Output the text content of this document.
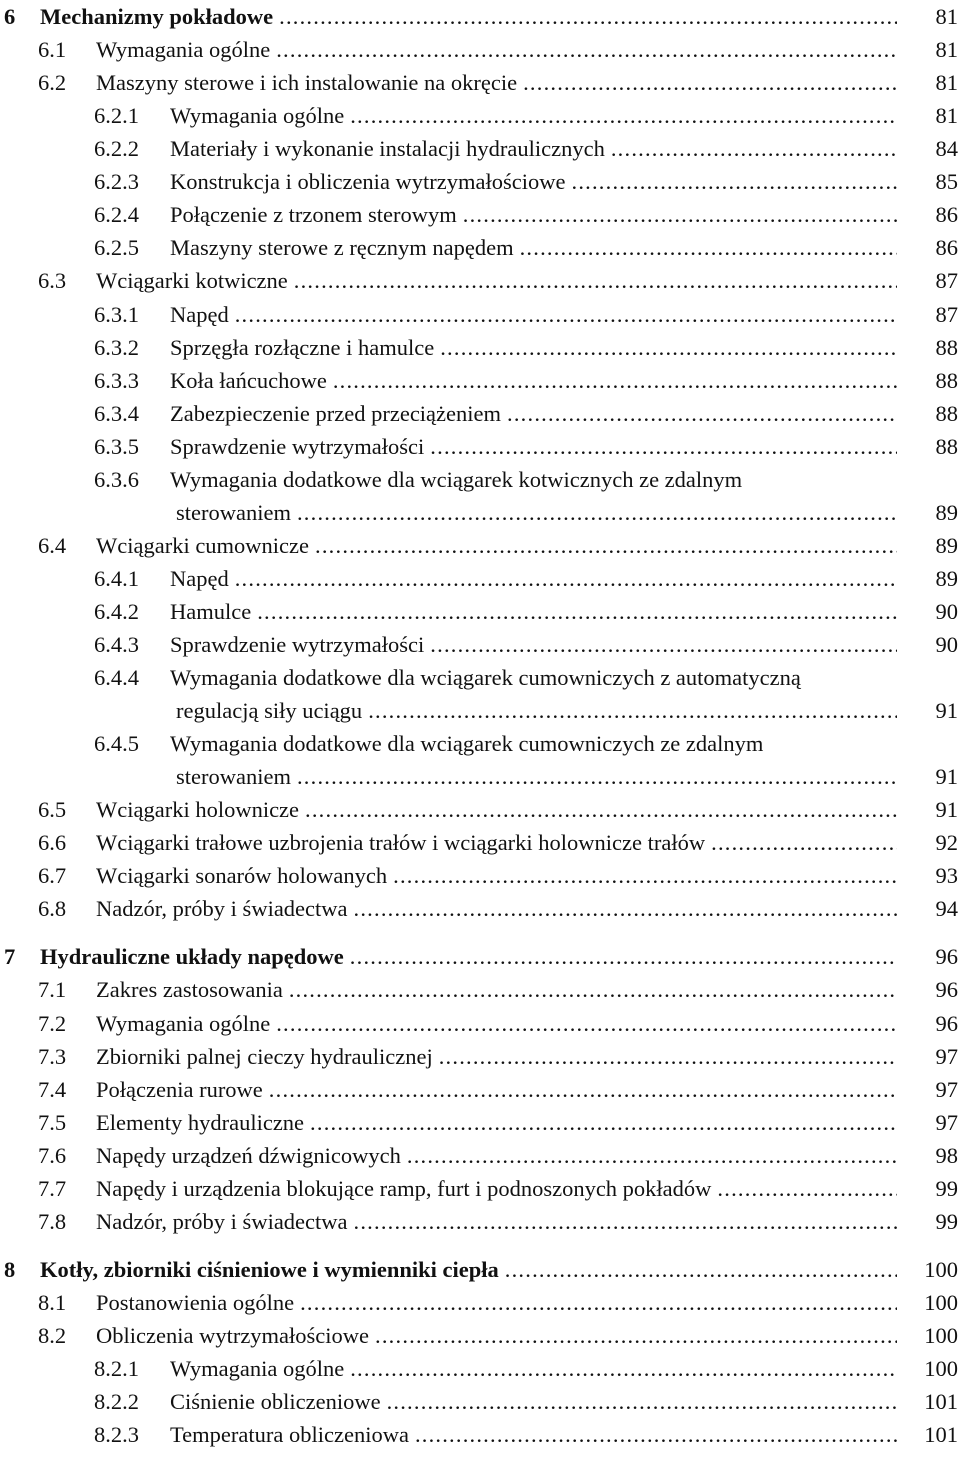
6 Mechanizmy pokładowe .....	81
6.1 Wymagania ogólne .....	81
6.2 Maszyny sterowe i ich instalowanie na okręcie .....	81
6.2.1 Wymagania ogólne .....	81
6.2.2 Materiały i wykonanie instalacji hydraulicznych .....	84
6.2.3 Konstrukcja i obliczenia wytrzymałościowe .....	85
6.2.4 Połączenie z trzonem sterowym .....	86
6.2.5 Maszyny sterowe z ręcznym napędem .....	86
6.3 Wciągarki kotwiczne .....	87
6.3.1 Napęd .....	87
6.3.2 Sprzęgła rozłączne i hamulce .....	88
6.3.3 Koła łańcuchowe .....	88
6.3.4 Zabezpieczenie przed przeciążeniem .....	88
6.3.5 Sprawdzenie wytrzymałości .....	88
6.3.6 Wymagania dodatkowe dla wciągarek kotwicznych ze zdalnym
sterowaniem .....	89
6.4 Wciągarki cumownicze .....	89
6.4.1 Napęd .....	89
6.4.2 Hamulce .....	90
6.4.3 Sprawdzenie wytrzymałości .....	90
6.4.4 Wymagania dodatkowe dla wciągarek cumowniczych z automatyczną
regulacją siły uciągu .....	91
6.4.5 Wymagania dodatkowe dla wciągarek cumowniczych ze zdalnym
sterowaniem .....	91
6.5 Wciągarki holownicze .....	91
6.6 Wciągarki trałowe uzbrojenia trałów i wciągarki holownicze trałów .....	92
6.7 Wciągarki sonarów holowanych .....	93
6.8 Nadzór, próby i świadectwa .....	94
7 Hydrauliczne układy napędowe .....	96
7.1 Zakres zastosowania .....	96
7.2 Wymagania ogólne .....	96
7.3 Zbiorniki palnej cieczy hydraulicznej .....	97
7.4 Połączenia rurowe .....	97
7.5 Elementy hydrauliczne .....	97
7.6 Napędy urządzeń dźwignicowych .....	98
7.7 Napędy i urządzenia blokujące ramp, furt i podnoszonych pokładów .....	99
7.8 Nadzór, próby i świadectwa .....	99
8 Kotły, zbiorniki ciśnieniowe i wymienniki ciepła .....	100
8.1 Postanowienia ogólne .....	100
8.2 Obliczenia wytrzymałościowe .....	100
8.2.1 Wymagania ogólne .....	100
8.2.2 Ciśnienie obliczeniowe .....	101
8.2.3 Temperatura obliczeniowa .....	101
